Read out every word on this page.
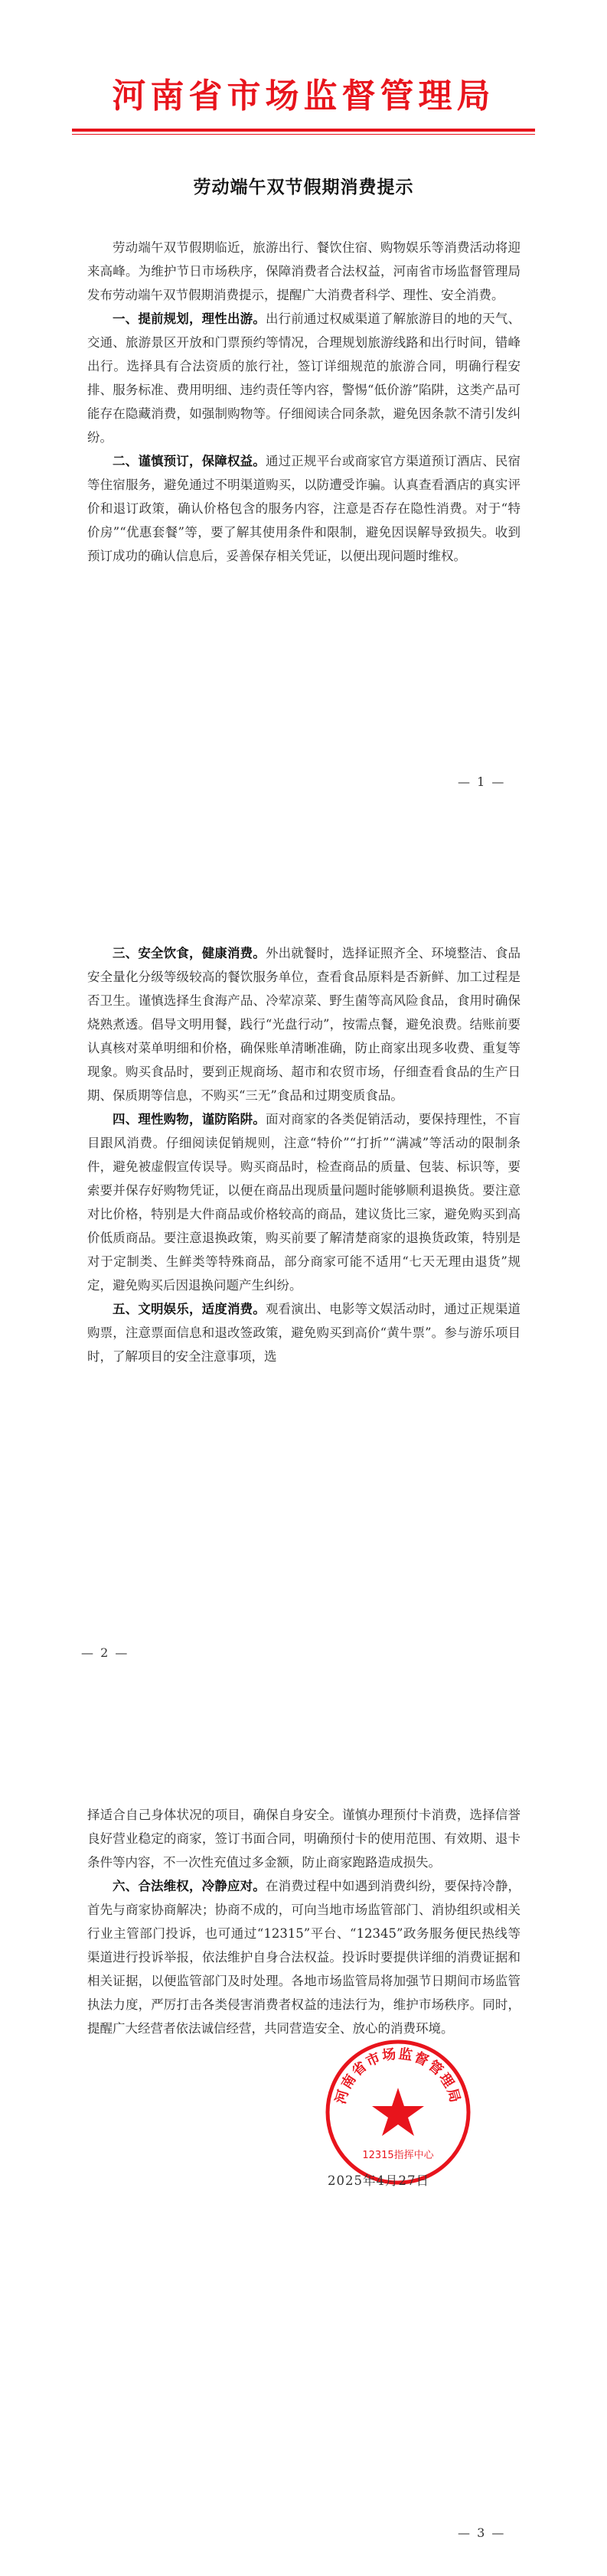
河南省市场监督管理局
劳动端午双节假期消费提示

劳动端午双节假期临近，旅游出行、餐饮住宿、购物娱乐等消费活动将迎来高峰。为维护节日市场秩序，保障消费者合法权益，河南省市场监督管理局发布劳动端午双节假期消费提示，提醒广大消费者科学、理性、安全消费。

一、提前规划，理性出游。出行前通过权威渠道了解旅游目的地的天气、交通、旅游景区开放和门票预约等情况，合理规划旅游线路和出行时间，错峰出行。选择具有合法资质的旅行社，签订详细规范的旅游合同，明确行程安排、服务标准、费用明细、违约责任等内容，警惕“低价游”陷阱，这类产品可能存在隐藏消费，如强制购物等。仔细阅读合同条款，避免因条款不清引发纠纷。

二、谨慎预订，保障权益。通过正规平台或商家官方渠道预订酒店、民宿等住宿服务，避免通过不明渠道购买，以防遭受诈骗。认真查看酒店的真实评价和退订政策，确认价格包含的服务内容，注意是否存在隐性消费。对于“特价房”“优惠套餐”等，要了解其使用条件和限制，避免因误解导致损失。收到预订成功的确认信息后，妥善保存相关凭证，以便出现问题时维权。

— 1 —

三、安全饮食，健康消费。外出就餐时，选择证照齐全、环境整洁、食品安全量化分级等级较高的餐饮服务单位，查看食品原料是否新鲜、加工过程是否卫生。谨慎选择生食海产品、冷荤凉菜、野生菌等高风险食品，食用时确保烧熟煮透。倡导文明用餐，践行“光盘行动”，按需点餐，避免浪费。结账前要认真核对菜单明细和价格，确保账单清晰准确，防止商家出现多收费、重复等现象。购买食品时，要到正规商场、超市和农贸市场，仔细查看食品的生产日期、保质期等信息，不购买“三无”食品和过期变质食品。

四、理性购物，谨防陷阱。面对商家的各类促销活动，要保持理性，不盲目跟风消费。仔细阅读促销规则，注意“特价”“打折”“满减”等活动的限制条件，避免被虚假宣传误导。购买商品时，检查商品的质量、包装、标识等，要索要并保存好购物凭证，以便在商品出现质量问题时能够顺利退换货。要注意对比价格，特别是大件商品或价格较高的商品，建议货比三家，避免购买到高价低质商品。要注意退换政策，购买前要了解清楚商家的退换货政策，特别是对于定制类、生鲜类等特殊商品，部分商家可能不适用“七天无理由退货”规定，避免购买后因退换问题产生纠纷。

五、文明娱乐，适度消费。观看演出、电影等文娱活动时，通过正规渠道购票，注意票面信息和退改签政策，避免购买到高价“黄牛票”。参与游乐项目时，了解项目的安全注意事项，选

— 2 —

择适合自己身体状况的项目，确保自身安全。谨慎办理预付卡消费，选择信誉良好营业稳定的商家，签订书面合同，明确预付卡的使用范围、有效期、退卡条件等内容，不一次性充值过多金额，防止商家跑路造成损失。

六、合法维权，冷静应对。在消费过程中如遇到消费纠纷，要保持冷静，首先与商家协商解决；协商不成的，可向当地市场监管部门、消协组织或相关行业主管部门投诉，也可通过“12315”平台、“12345”政务服务便民热线等渠道进行投诉举报，依法维护自身合法权益。投诉时要提供详细的消费证据和相关证据，以便监管部门及时处理。各地市场监管局将加强节日期间市场监管执法力度，严厉打击各类侵害消费者权益的违法行为，维护市场秩序。同时，提醒广大经营者依法诚信经营，共同营造安全、放心的消费环境。

河南省市场监督管理局
12315指挥中心
2025年4月27日
— 3 —
